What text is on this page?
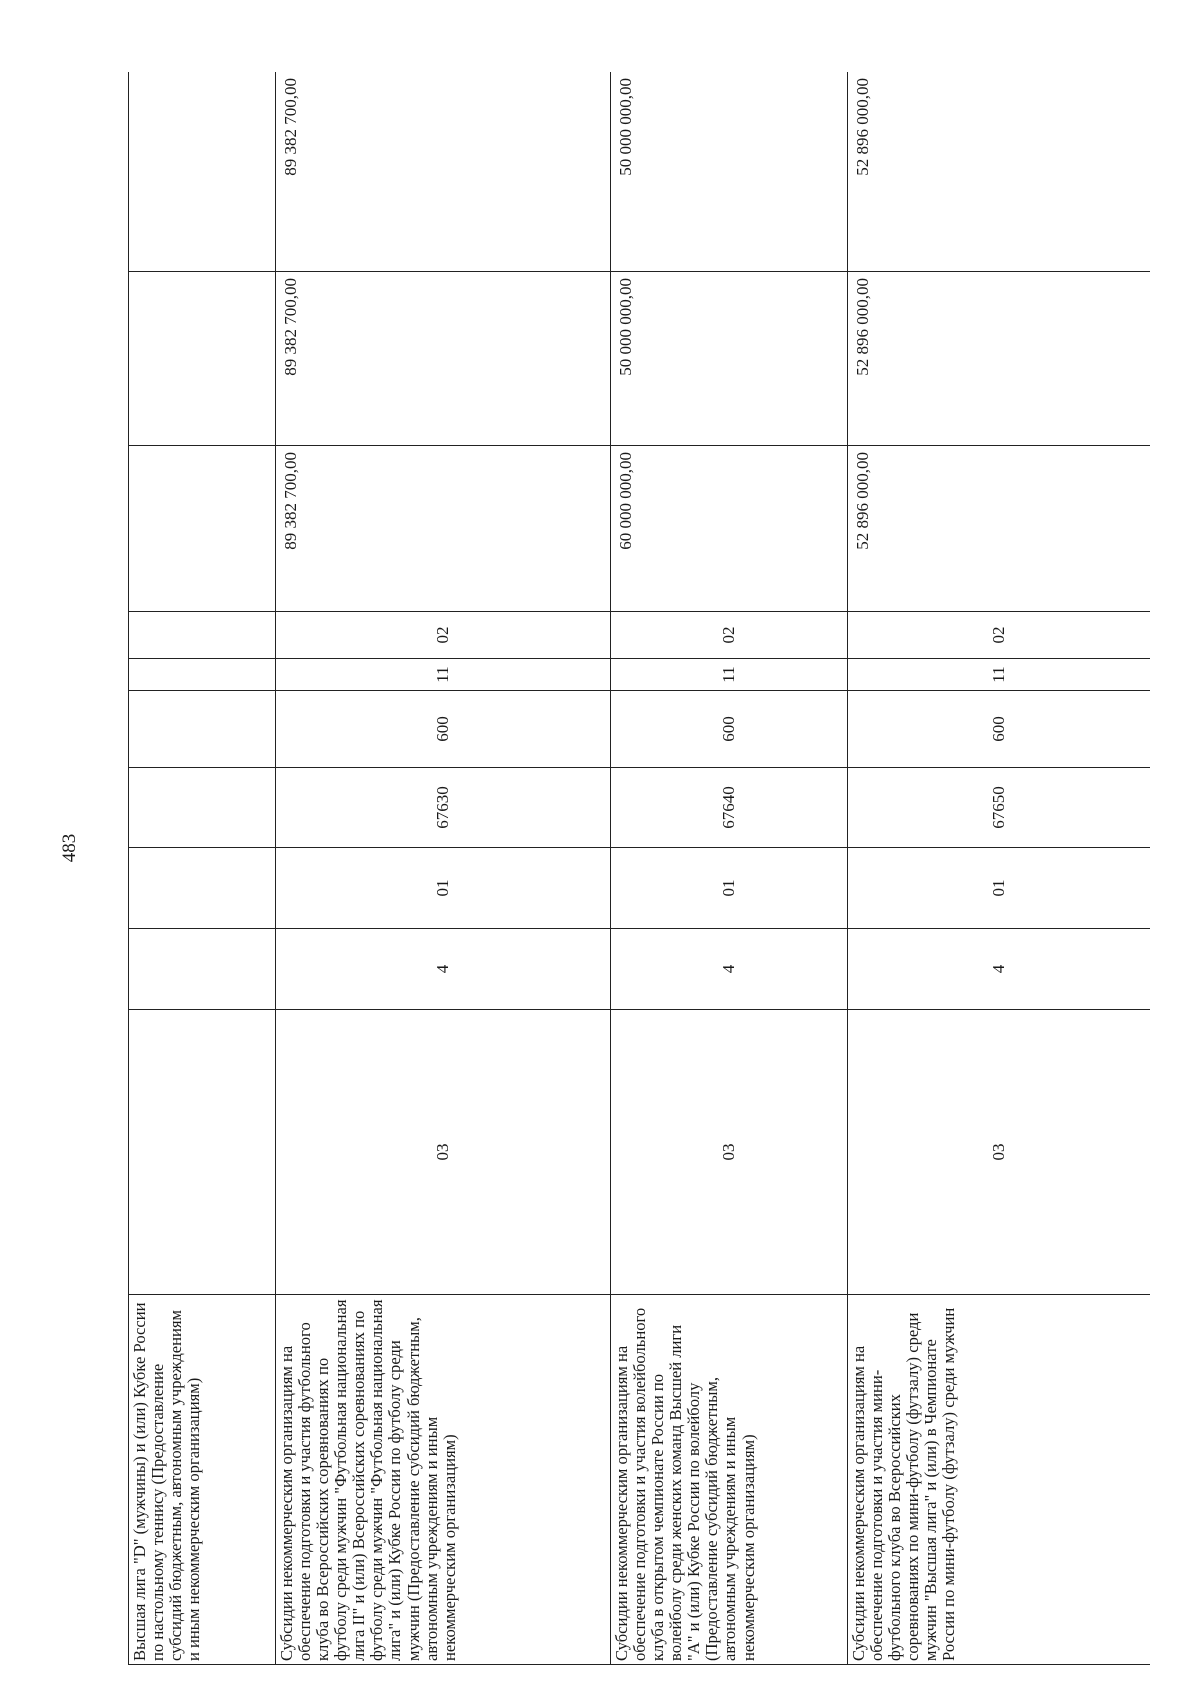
483
Высшая лига "D" (мужчины) и (или) Кубке России по настольному теннису (Предоставление субсидий бюджетным, автономным учреждениям и иным некоммерческим организациям)										
Субсидии некоммерческим организациям на обеспечение подготовки и участия футбольного клуба во Всероссийских соревнованиях по футболу среди мужчин "Футбольная национальная лига II" и (или) Всероссийских соревнованиях по футболу среди мужчин "Футбольная национальная лига" и (или) Кубке России по футболу среди мужчин (Предоставление субсидий бюджетным, автономным учреждениям и иным некоммерческим организациям)	03	4	01	67630	600	11	02	89 382 700,00	89 382 700,00	89 382 700,00
Субсидии некоммерческим организациям на обеспечение подготовки и участия волейбольного клуба в открытом чемпионате России по волейболу среди женских команд Высшей лиги "А" и (или) Кубке России по волейболу (Предоставление субсидий бюджетным, автономным учреждениям и иным некоммерческим организациям)	03	4	01	67640	600	11	02	60 000 000,00	50 000 000,00	50 000 000,00
Субсидии некоммерческим организациям на обеспечение подготовки и участия мини-футбольного клуба во Всероссийских соревнованиях по мини-футболу (футзалу) среди мужчин "Высшая лига" и (или) в Чемпионате России по мини-футболу (футзалу) среди мужчин	03	4	01	67650	600	11	02	52 896 000,00	52 896 000,00	52 896 000,00
